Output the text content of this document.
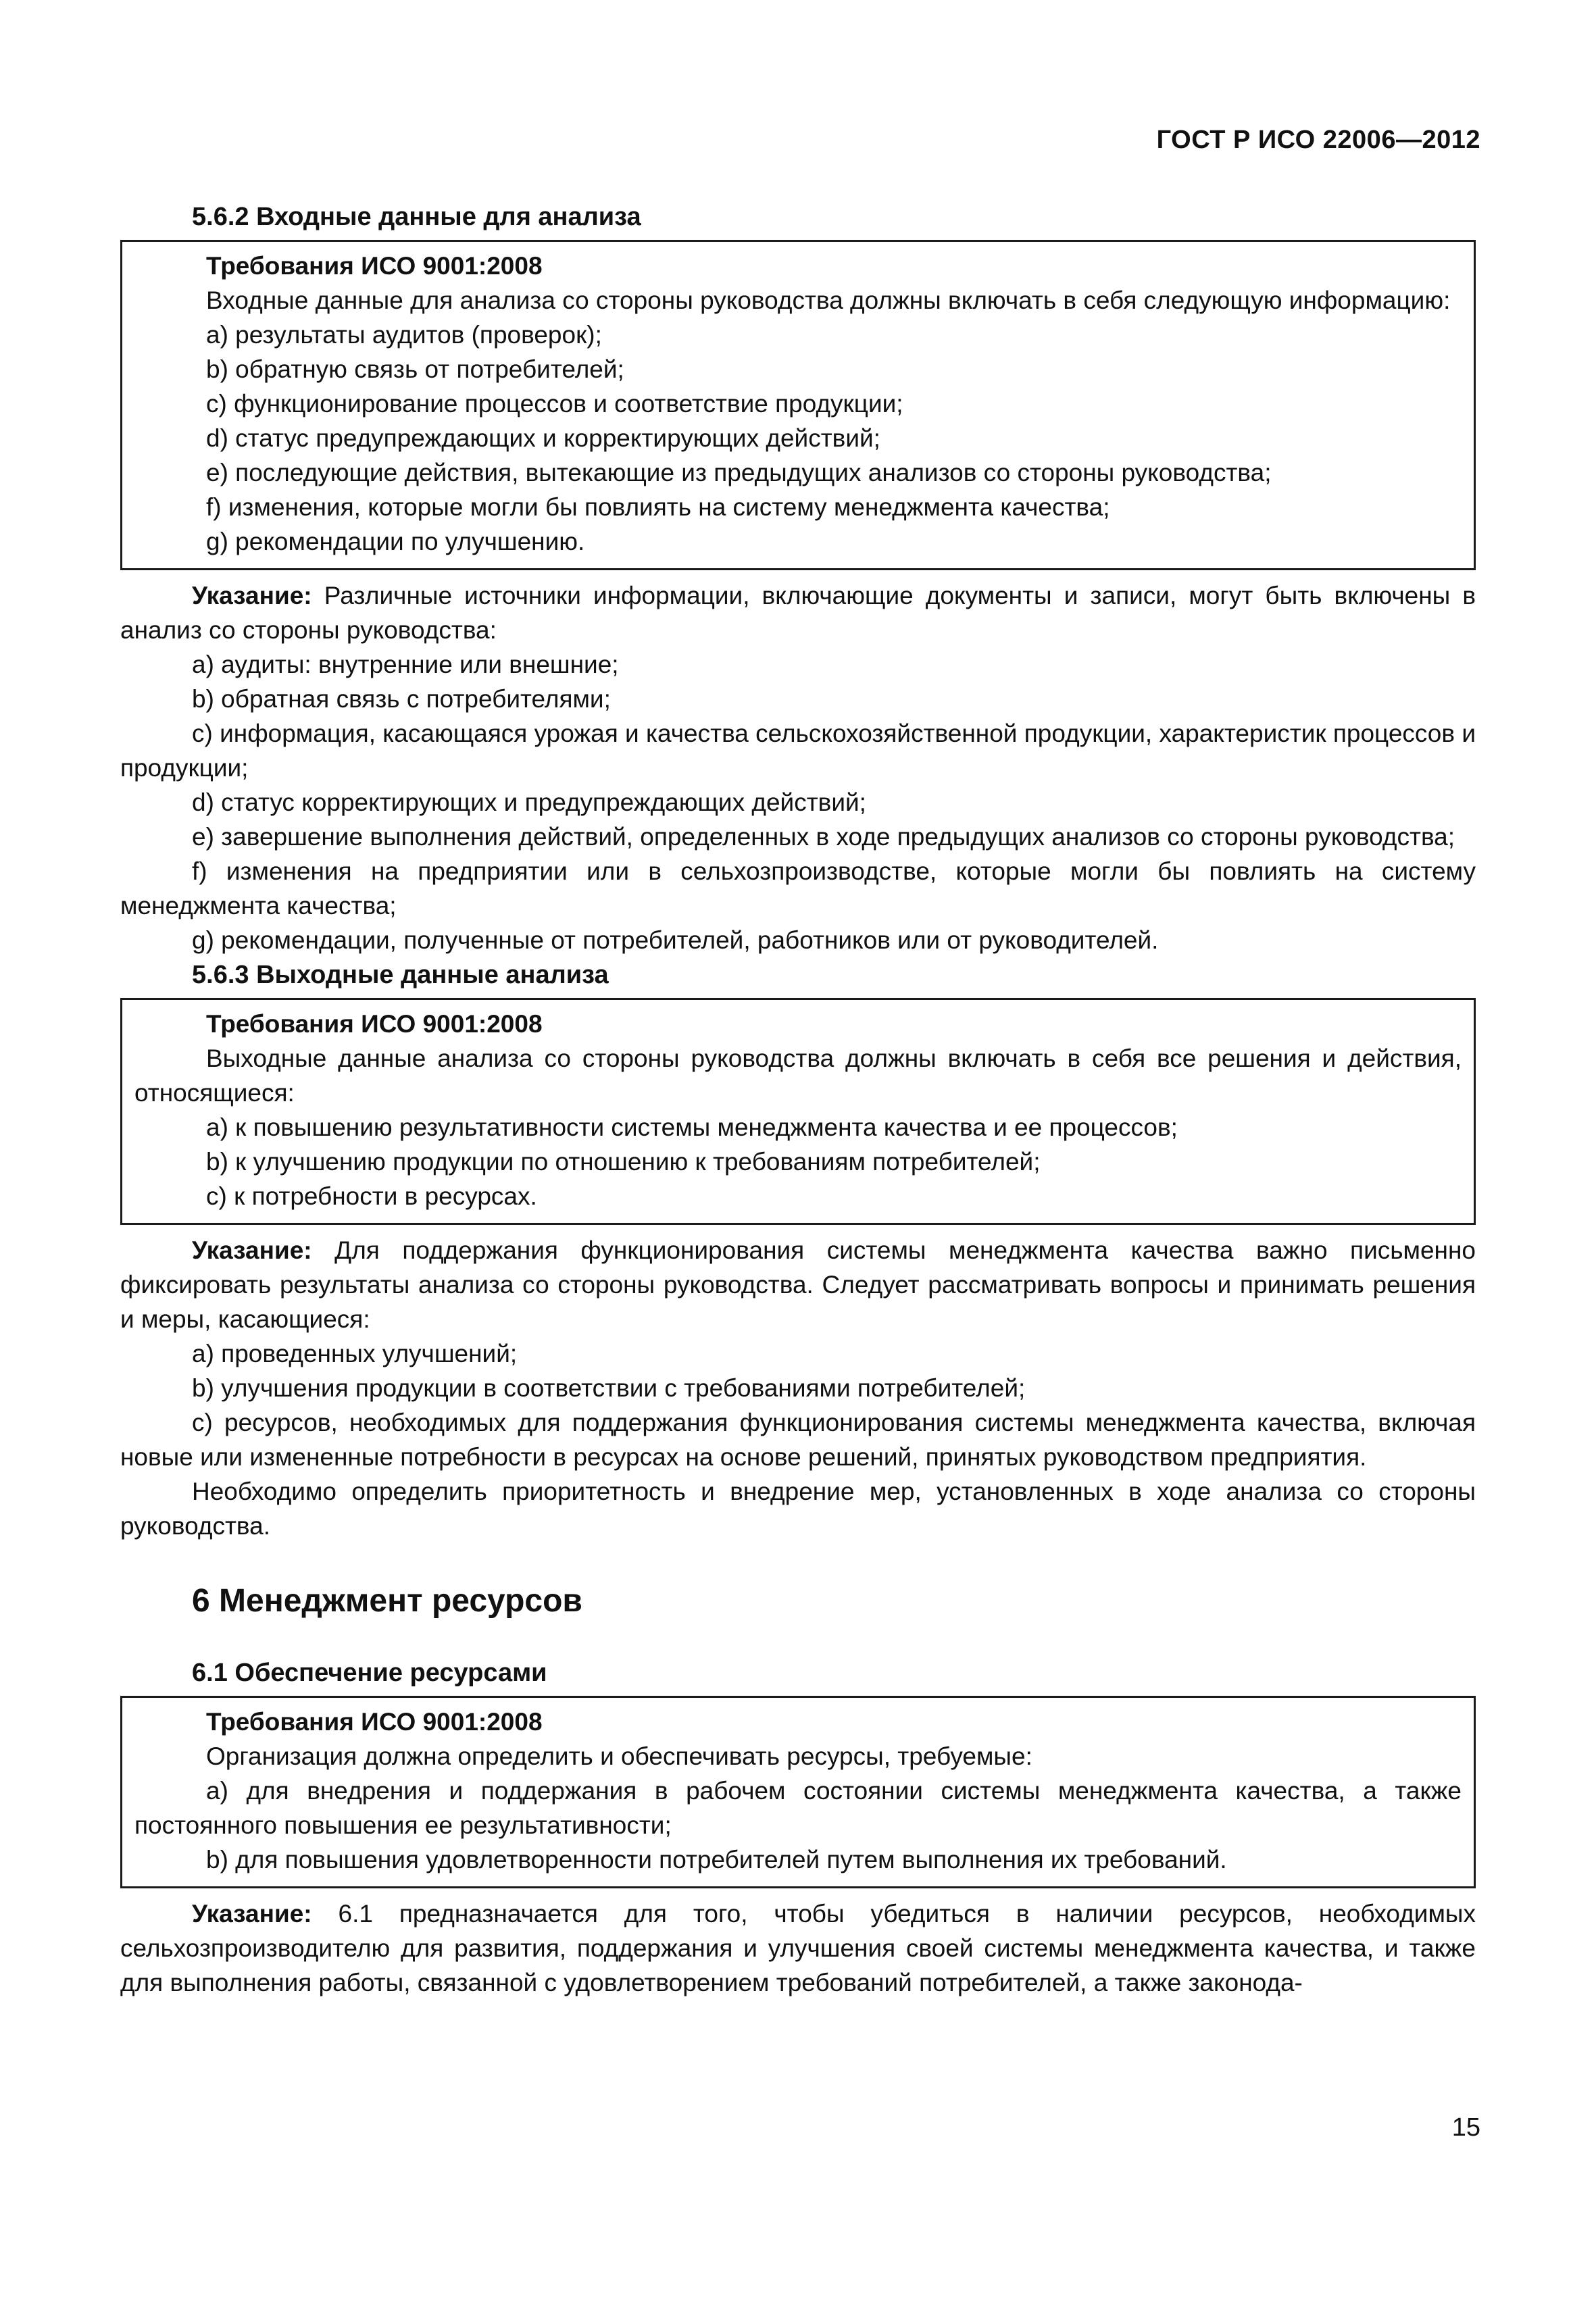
ГОСТ Р ИСО 22006—2012
5.6.2 Входные данные для анализа
Требования ИСО 9001:2008

Входные данные для анализа со стороны руководства должны включать в себя следующую информацию:

a) результаты аудитов (проверок);

b) обратную связь от потребителей;

c) функционирование процессов и соответствие продукции;

d) статус предупреждающих и корректирующих действий;

e) последующие действия, вытекающие из предыдущих анализов со стороны руководства;

f) изменения, которые могли бы повлиять на систему менеджмента качества;

g) рекомендации по улучшению.

Указание: Различные источники информации, включающие документы и записи, могут быть включены в анализ со стороны руководства:

a) аудиты: внутренние или внешние;

b) обратная связь с потребителями;

c) информация, касающаяся урожая и качества сельскохозяйственной продукции, характеристик процессов и продукции;

d) статус корректирующих и предупреждающих действий;

e) завершение выполнения действий, определенных в ходе предыдущих анализов со стороны руководства;

f) изменения на предприятии или в сельхозпроизводстве, которые могли бы повлиять на систему менеджмента качества;

g) рекомендации, полученные от потребителей, работников или от руководителей.

5.6.3 Выходные данные анализа
Требования ИСО 9001:2008

Выходные данные анализа со стороны руководства должны включать в себя все решения и действия, относящиеся:

a) к повышению результативности системы менеджмента качества и ее процессов;

b) к улучшению продукции по отношению к требованиям потребителей;

c) к потребности в ресурсах.

Указание: Для поддержания функционирования системы менеджмента качества важно письменно фиксировать результаты анализа со стороны руководства. Следует рассматривать вопросы и принимать решения и меры, касающиеся:

a) проведенных улучшений;

b) улучшения продукции в соответствии с требованиями потребителей;

c) ресурсов, необходимых для поддержания функционирования системы менеджмента качества, включая новые или измененные потребности в ресурсах на основе решений, принятых руководством предприятия.

Необходимо определить приоритетность и внедрение мер, установленных в ходе анализа со стороны руководства.

6 Менеджмент ресурсов
6.1 Обеспечение ресурсами
Требования ИСО 9001:2008

Организация должна определить и обеспечивать ресурсы, требуемые:

a) для внедрения и поддержания в рабочем состоянии системы менеджмента качества, а также постоянного повышения ее результативности;

b) для повышения удовлетворенности потребителей путем выполнения их требований.

Указание: 6.1 предназначается для того, чтобы убедиться в наличии ресурсов, необходимых сельхозпроизводителю для развития, поддержания и улучшения своей системы менеджмента качества, и также для выполнения работы, связанной с удовлетворением требований потребителей, а также законода-

15
